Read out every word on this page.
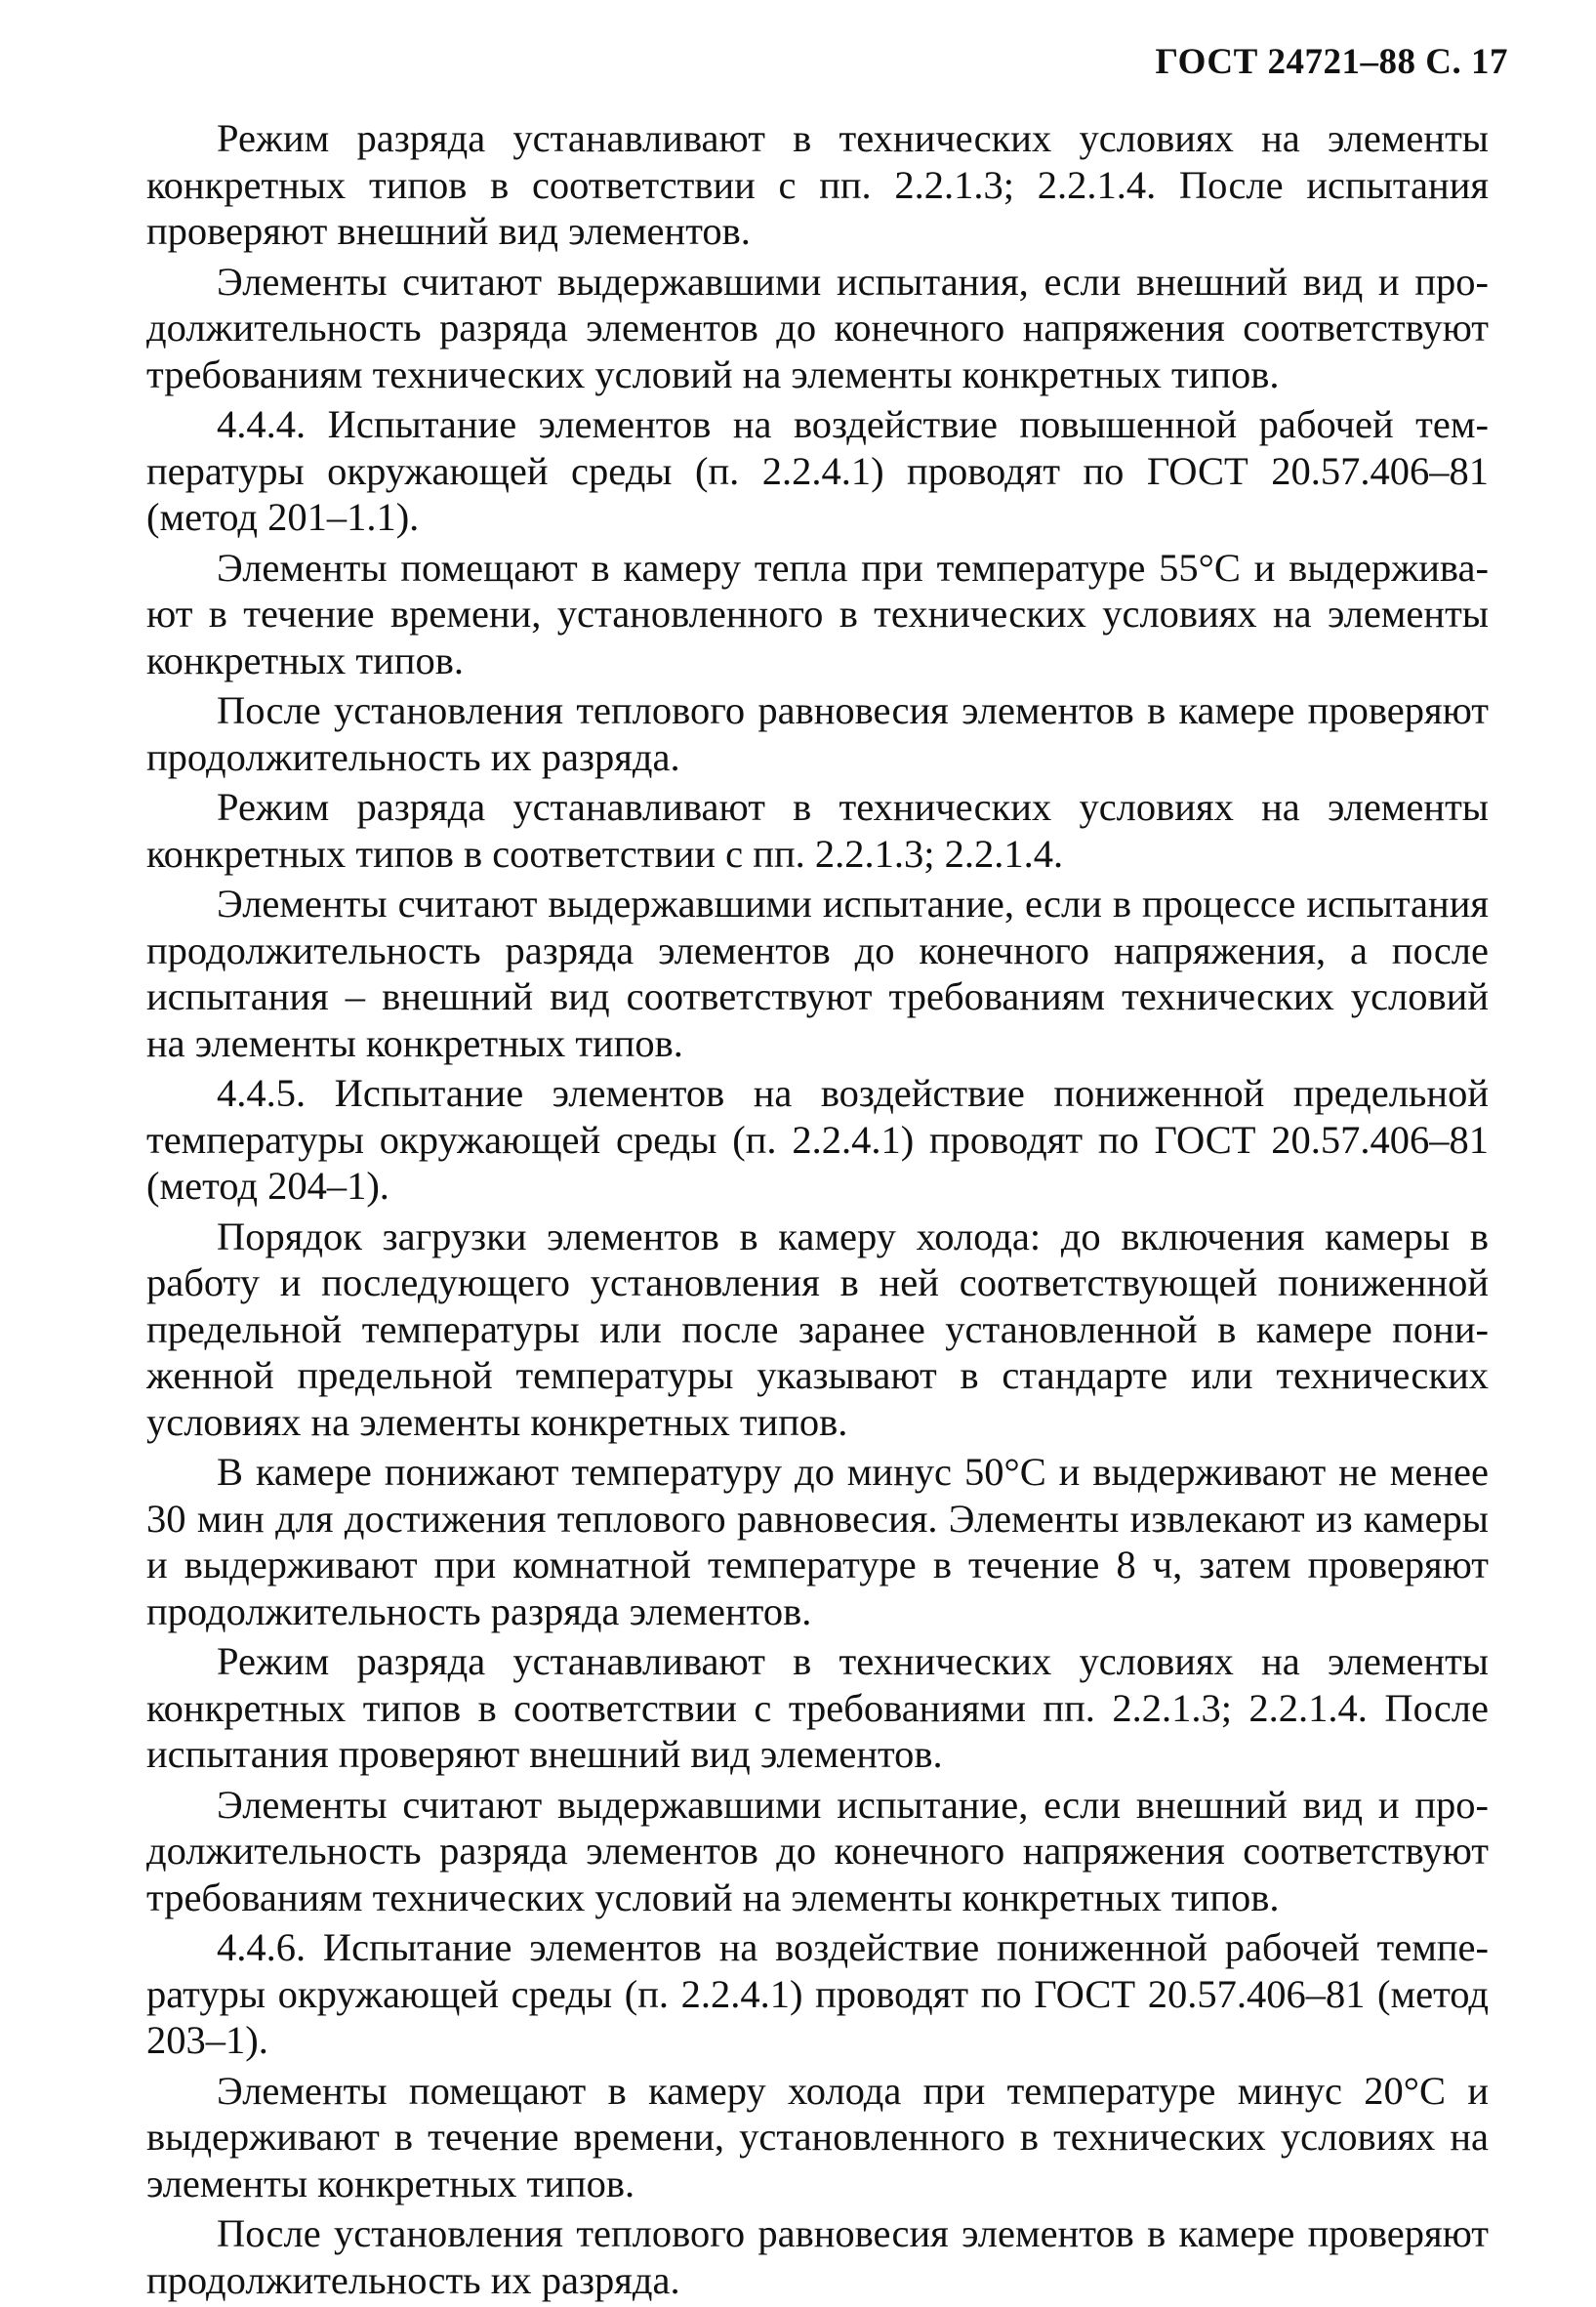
ГОСТ 24721–88 С. 17

Режим разряда устанавливают в технических условиях на элементы конкретных типов в соответствии с пп. 2.2.1.3; 2.2.1.4. После испытания проверяют внешний вид элементов.

Элементы считают выдержавшими испытания, если внешний вид и продолжительность разряда элементов до конечного напряжения соответствуют требованиям технических условий на элементы конкретных типов.

4.4.4. Испытание элементов на воздействие повышенной рабочей температуры окружающей среды (п. 2.2.4.1) проводят по ГОСТ 20.57.406–81 (метод 201–1.1).

Элементы помещают в камеру тепла при температуре 55°С и выдерживают в течение времени, установленного в технических условиях на элементы конкретных типов.

После установления теплового равновесия элементов в камере проверяют продолжительность их разряда.

Режим разряда устанавливают в технических условиях на элементы конкретных типов в соответствии с пп. 2.2.1.3; 2.2.1.4.

Элементы считают выдержавшими испытание, если в процессе испытания продолжительность разряда элементов до конечного напряжения, а после испытания – внешний вид соответствуют требованиям технических условий на элементы конкретных типов.

4.4.5. Испытание элементов на воздействие пониженной предельной температуры окружающей среды (п. 2.2.4.1) проводят по ГОСТ 20.57.406–81 (метод 204–1).

Порядок загрузки элементов в камеру холода: до включения камеры в работу и последующего установления в ней соответствующей пониженной предельной температуры или после заранее установленной в камере пониженной предельной температуры указывают в стандарте или технических условиях на элементы конкретных типов.

В камере понижают температуру до минус 50°С и выдерживают не менее 30 мин для достижения теплового равновесия. Элементы извлекают из камеры и выдерживают при комнатной температуре в течение 8 ч, затем проверяют продолжительность разряда элементов.

Режим разряда устанавливают в технических условиях на элементы конкретных типов в соответствии с требованиями пп. 2.2.1.3; 2.2.1.4. После испытания проверяют внешний вид элементов.

Элементы считают выдержавшими испытание, если внешний вид и продолжительность разряда элементов до конечного напряжения соответствуют требованиям технических условий на элементы конкретных типов.

4.4.6. Испытание элементов на воздействие пониженной рабочей температуры окружающей среды (п. 2.2.4.1) проводят по ГОСТ 20.57.406–81 (метод 203–1).

Элементы помещают в камеру холода при температуре минус 20°С и выдерживают в течение времени, установленного в технических условиях на элементы конкретных типов.

После установления теплового равновесия элементов в камере проверяют продолжительность их разряда.
